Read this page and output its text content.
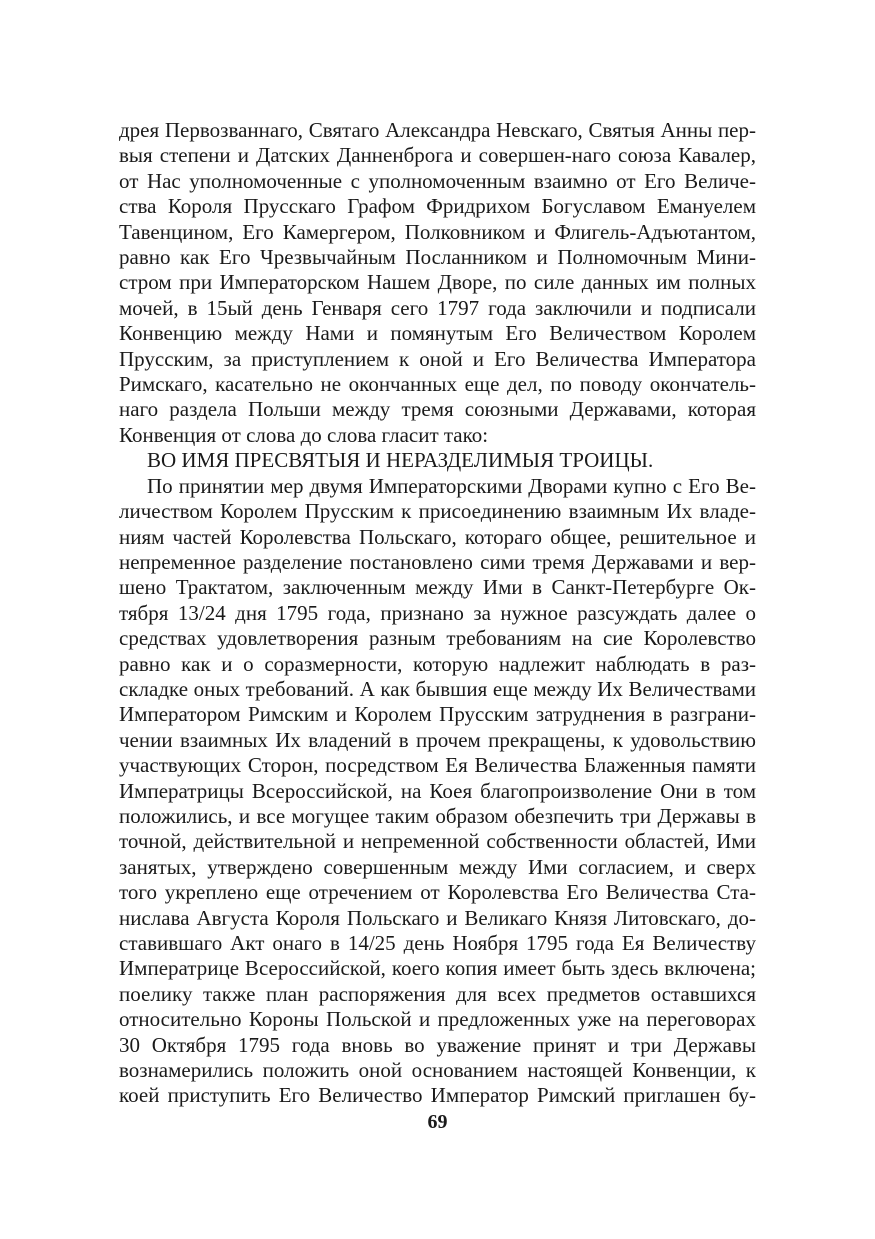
дрея Первозваннаго, Святаго Александра Невскаго, Святыя Анны пер-
выя степени и Датских Данненброга и совершен-наго союза Кавалер,
от Нас уполномоченные с уполномоченным взаимно от Его Величе-
ства Короля Прусскаго Графом Фридрихом Богуславом Емануелем
Тавенцином, Его Камергером, Полковником и Флигель-Адъютантом,
равно как Его Чрезвычайным Посланником и Полномочным Мини-
стром при Императорском Нашем Дворе, по силе данных им полных
мочей, в 15ый день Генваря сего 1797 года заключили и подписали
Конвенцию между Нами и помянутым Его Величеством Королем
Прусским, за приступлением к оной и Его Величества Императора
Римскаго, касательно не окончанных еще дел, по поводу окончатель-
наго раздела Польши между тремя союзными Державами, которая
Конвенция от слова до слова гласит тако:

ВО ИМЯ ПРЕСВЯТЫЯ И НЕРАЗДЕЛИМЫЯ ТРОИЦЫ.

По принятии мер двумя Императорскими Дворами купно с Его Ве-
личеством Королем Прусским к присоединению взаимным Их владе-
ниям частей Королевства Польскаго, котораго общее, решительное и
непременное разделение постановлено сими тремя Державами и вер-
шено Трактатом, заключенным между Ими в Санкт-Петербурге Ок-
тября 13/24 дня 1795 года, признано за нужное разсуждать далее о
средствах удовлетворения разным требованиям на сие Королевство
равно как и о соразмерности, которую надлежит наблюдать в раз-
складке оных требований. А как бывшия еще между Их Величествами
Императором Римским и Королем Прусским затруднения в разграни-
чении взаимных Их владений в прочем прекращены, к удовольствию
участвующих Сторон, посредством Ея Величества Блаженныя памяти
Императрицы Всероссийской, на Коея благопроизволение Они в том
положились, и все могущее таким образом обезпечить три Державы в
точной, действительной и непременной собственности областей, Ими
занятых, утверждено совершенным между Ими согласием, и сверх
того укреплено еще отречением от Королевства Его Величества Ста-
нислава Августа Короля Польскаго и Великаго Князя Литовскаго, до-
ставившаго Акт онаго в 14/25 день Ноября 1795 года Ея Величеству
Императрице Всероссийской, коего копия имеет быть здесь включена;
поелику также план распоряжения для всех предметов оставшихся
относительно Короны Польской и предложенных уже на переговорах
30 Октября 1795 года вновь во уважение принят и три Державы
вознамерились положить оной основанием настоящей Конвенции, к
коей приступить Его Величество Император Римский приглашен бу-

69
